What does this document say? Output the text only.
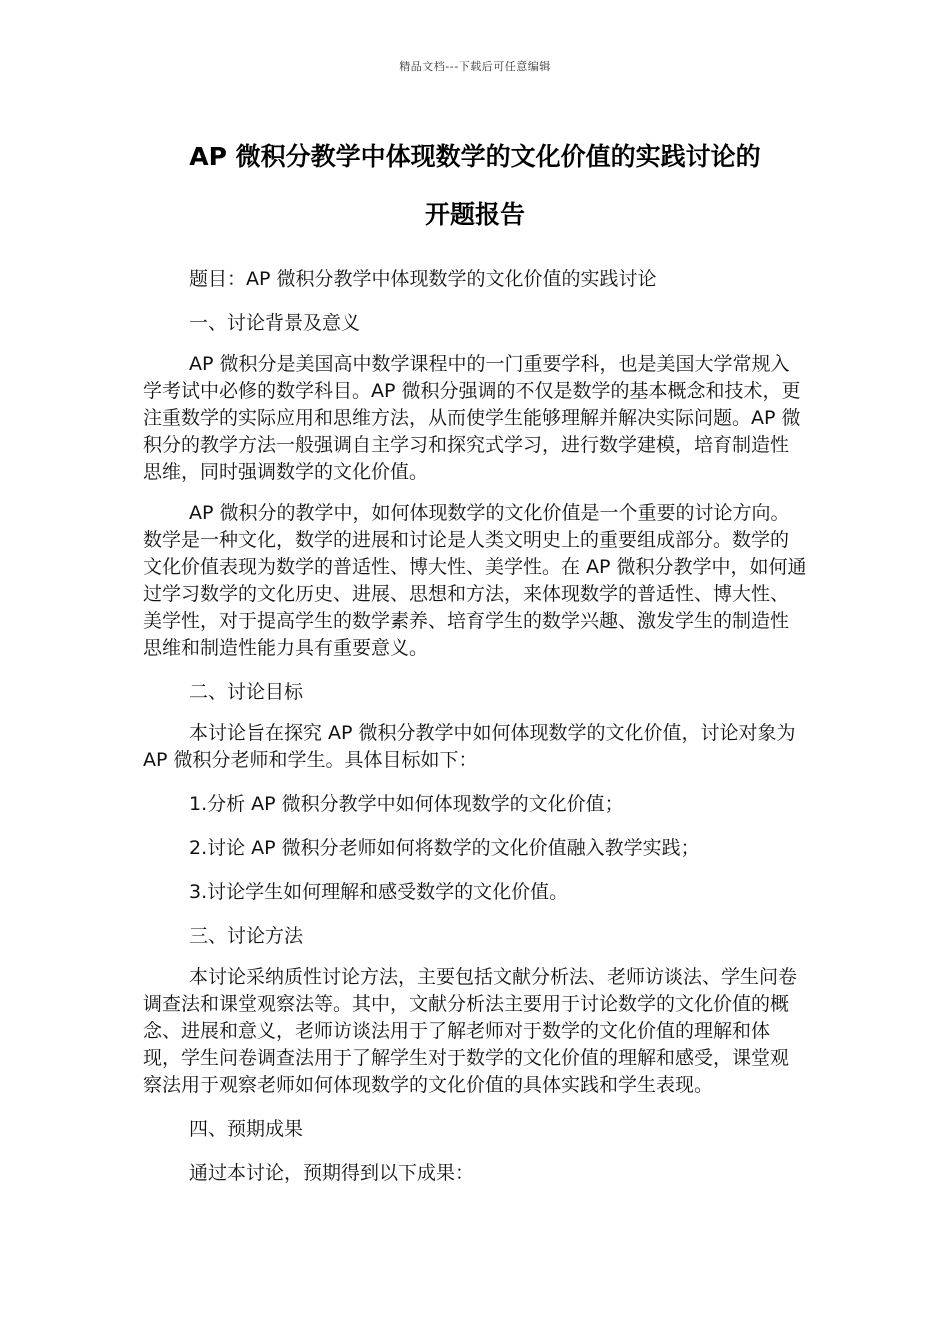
精品文档---下载后可任意编辑
AP 微积分教学中体现数学的文化价值的实践讨论的
开题报告

题目：AP 微积分教学中体现数学的文化价值的实践讨论

一、讨论背景及意义

AP 微积分是美国高中数学课程中的一门重要学科，也是美国大学常规入学考试中必修的数学科目。AP 微积分强调的不仅是数学的基本概念和技术，更注重数学的实际应用和思维方法，从而使学生能够理解并解决实际问题。AP 微积分的教学方法一般强调自主学习和探究式学习，进行数学建模，培育制造性思维，同时强调数学的文化价值。

AP 微积分的教学中，如何体现数学的文化价值是一个重要的讨论方向。数学是一种文化，数学的进展和讨论是人类文明史上的重要组成部分。数学的文化价值表现为数学的普适性、博大性、美学性。在 AP 微积分教学中，如何通过学习数学的文化历史、进展、思想和方法，来体现数学的普适性、博大性、美学性，对于提高学生的数学素养、培育学生的数学兴趣、激发学生的制造性思维和制造性能力具有重要意义。

二、讨论目标

本讨论旨在探究 AP 微积分教学中如何体现数学的文化价值，讨论对象为 AP 微积分老师和学生。具体目标如下：

1.分析 AP 微积分教学中如何体现数学的文化价值；

2.讨论 AP 微积分老师如何将数学的文化价值融入教学实践；

3.讨论学生如何理解和感受数学的文化价值。

三、讨论方法

本讨论采纳质性讨论方法，主要包括文献分析法、老师访谈法、学生问卷调查法和课堂观察法等。其中，文献分析法主要用于讨论数学的文化价值的概念、进展和意义，老师访谈法用于了解老师对于数学的文化价值的理解和体现，学生问卷调查法用于了解学生对于数学的文化价值的理解和感受，课堂观察法用于观察老师如何体现数学的文化价值的具体实践和学生表现。

四、预期成果

通过本讨论，预期得到以下成果：
